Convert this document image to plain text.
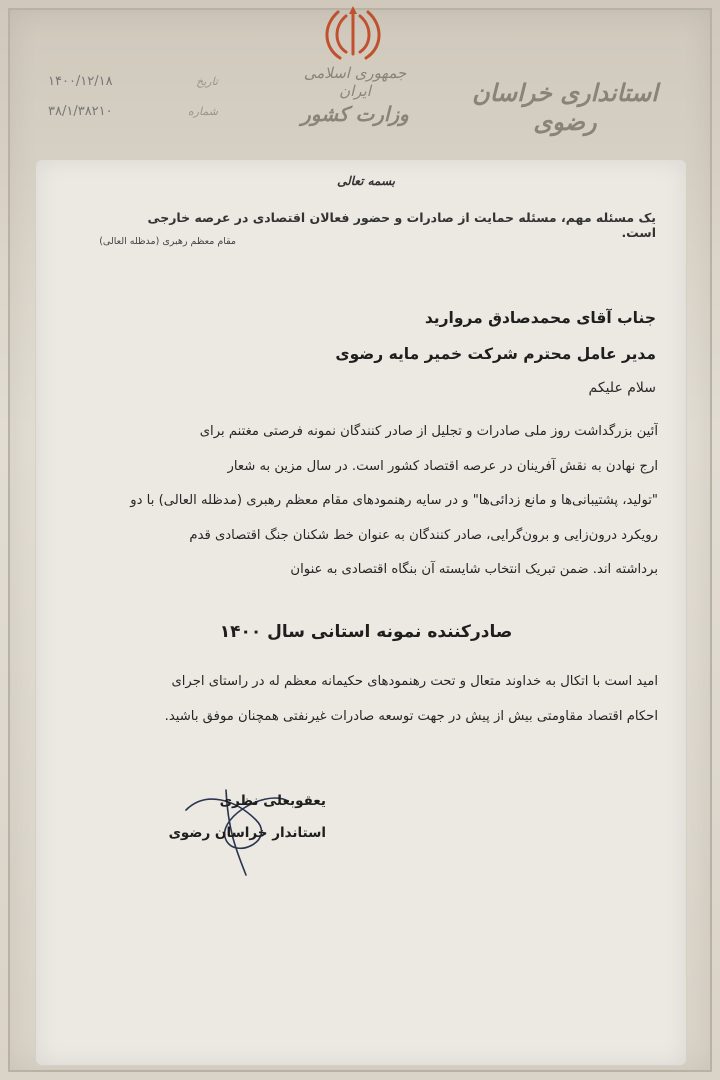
جمهوری اسلامی ایران
وزارت کشور
استانداری خراسان رضوی
۱۴۰۰/۱۲/۱۸	تاریخ
۳۸/۱/۳۸۲۱۰	شماره
بسمه تعالی
یک مسئله مهم، مسئله حمایت از صادرات و حضور فعالان اقتصادی در عرصه خارجی است.
مقام معظم رهبری (مدظله العالی)
جناب آقای محمدصادق مروارید
مدیر عامل محترم شرکت خمیر مایه رضوی
سلام علیکم
آئین بزرگداشت روز ملی صادرات و تجلیل از صادر کنندگان نمونه فرصتی مغتنم برای
ارج نهادن به نقش آفرینان در عرصه اقتصاد کشور است. در سال مزین به شعار
"تولید، پشتیبانی‌ها و مانع زدائی‌ها" و در سایه رهنمودهای مقام معظم رهبری (مدظله العالی) با دو
رویکرد درون‌زایی و برون‌گرایی، صادر کنندگان به عنوان خط شکنان جنگ اقتصادی قدم
برداشته اند. ضمن تبریک انتخاب شایسته آن بنگاه اقتصادی به عنوان
صادرکننده نمونه استانی سال ۱۴۰۰
امید است با اتکال به خداوند متعال و تحت رهنمودهای حکیمانه معظم له در راستای اجرای
احکام اقتصاد مقاومتی بیش از پیش در جهت توسعه صادرات غیرنفتی همچنان موفق باشید.
یعقوبعلی نظری
استاندار خراسان رضوی
